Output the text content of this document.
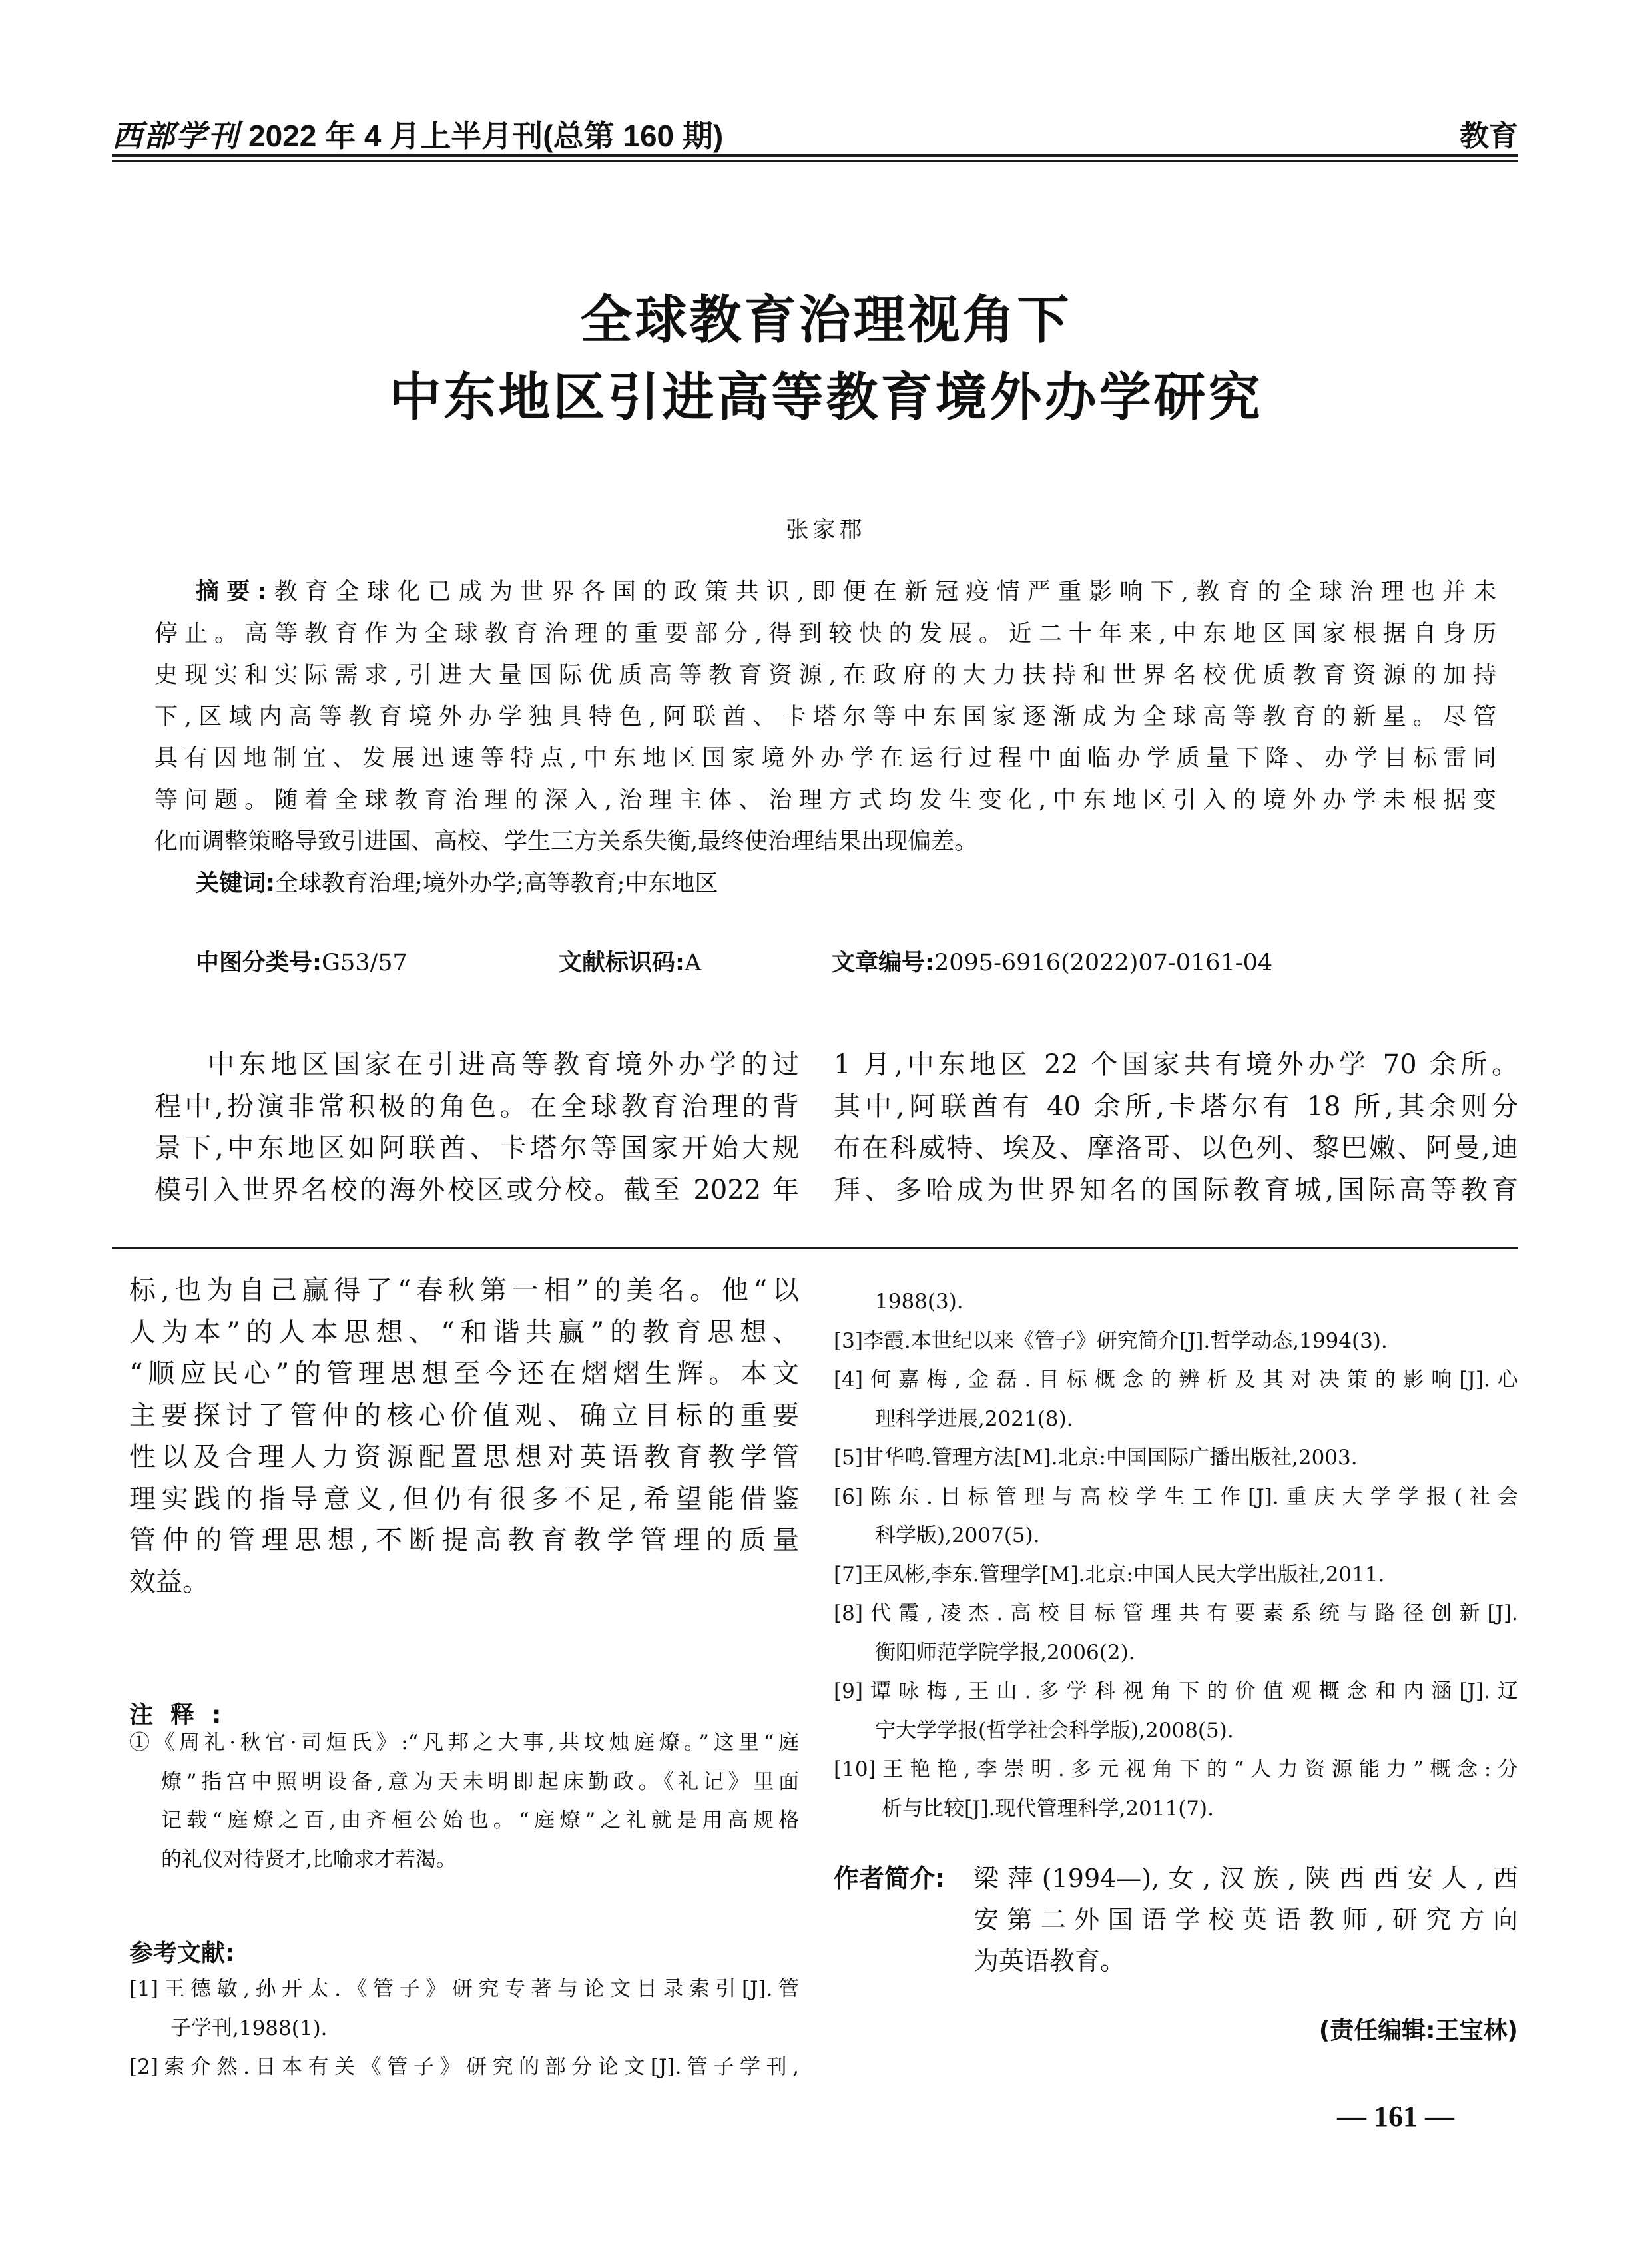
西部学刊 2022 年 4 月上半月刊(总第 160 期)	教育
全球教育治理视角下
中东地区引进高等教育境外办学研究
张家郡
摘要:教育全球化已成为世界各国的政策共识,即便在新冠疫情严重影响下,教育的全球治理也并未
停止。高等教育作为全球教育治理的重要部分,得到较快的发展。近二十年来,中东地区国家根据自身历
史现实和实际需求,引进大量国际优质高等教育资源,在政府的大力扶持和世界名校优质教育资源的加持
下,区域内高等教育境外办学独具特色,阿联酋、卡塔尔等中东国家逐渐成为全球高等教育的新星。尽管
具有因地制宜、发展迅速等特点,中东地区国家境外办学在运行过程中面临办学质量下降、办学目标雷同
等问题。随着全球教育治理的深入,治理主体、治理方式均发生变化,中东地区引入的境外办学未根据变
化而调整策略导致引进国、高校、学生三方关系失衡,最终使治理结果出现偏差。
关键词:全球教育治理;境外办学;高等教育;中东地区
中图分类号:G53/57	文献标识码:A	文章编号:2095-6916(2022)07-0161-04
中东地区国家在引进高等教育境外办学的过
程中,扮演非常积极的角色。在全球教育治理的背
景下,中东地区如阿联酋、卡塔尔等国家开始大规
模引入世界名校的海外校区或分校。截至 2022 年
1 月,中东地区 22 个国家共有境外办学 70 余所。
其中,阿联酋有 40 余所,卡塔尔有 18 所,其余则分
布在科威特、埃及、摩洛哥、以色列、黎巴嫩、阿曼,迪
拜、多哈成为世界知名的国际教育城,国际高等教育
标,也为自己赢得了“春秋第一相”的美名。他“以
人为本”的人本思想、“和谐共赢”的教育思想、
“顺应民心”的管理思想至今还在熠熠生辉。本文
主要探讨了管仲的核心价值观、确立目标的重要
性以及合理人力资源配置思想对英语教育教学管
理实践的指导意义,但仍有很多不足,希望能借鉴
管仲的管理思想,不断提高教育教学管理的质量
效益。
注释:
①《周礼·秋官·司烜氏》:“凡邦之大事,共坟烛庭燎。”这里“庭
燎”指宫中照明设备,意为天未明即起床勤政。《礼记》里面
记载“庭燎之百,由齐桓公始也。“庭燎”之礼就是用高规格
的礼仪对待贤才,比喻求才若渴。
参考文献:
[1]王德敏,孙开太.《管子》研究专著与论文目录索引[J].管
子学刊,1988(1).
[2]索介然.日本有关《管子》研究的部分论文[J].管子学刊,
1988(3).
[3]李霞.本世纪以来《管子》研究简介[J].哲学动态,1994(3).
[4]何嘉梅,金磊.目标概念的辨析及其对决策的影响[J].心
理科学进展,2021(8).
[5]甘华鸣.管理方法[M].北京:中国国际广播出版社,2003.
[6]陈东.目标管理与高校学生工作[J].重庆大学学报(社会
科学版),2007(5).
[7]王凤彬,李东.管理学[M].北京:中国人民大学出版社,2011.
[8]代霞,凌杰.高校目标管理共有要素系统与路径创新[J].
衡阳师范学院学报,2006(2).
[9]谭咏梅,王山.多学科视角下的价值观概念和内涵[J].辽
宁大学学报(哲学社会科学版),2008(5).
[10]王艳艳,李崇明.多元视角下的“人力资源能力”概念:分
析与比较[J].现代管理科学,2011(7).
作者简介: 梁萍(1994—),女,汉族,陕西西安人,西
安第二外国语学校英语教师,研究方向
为英语教育。
(责任编辑:王宝林)
— 161 —
